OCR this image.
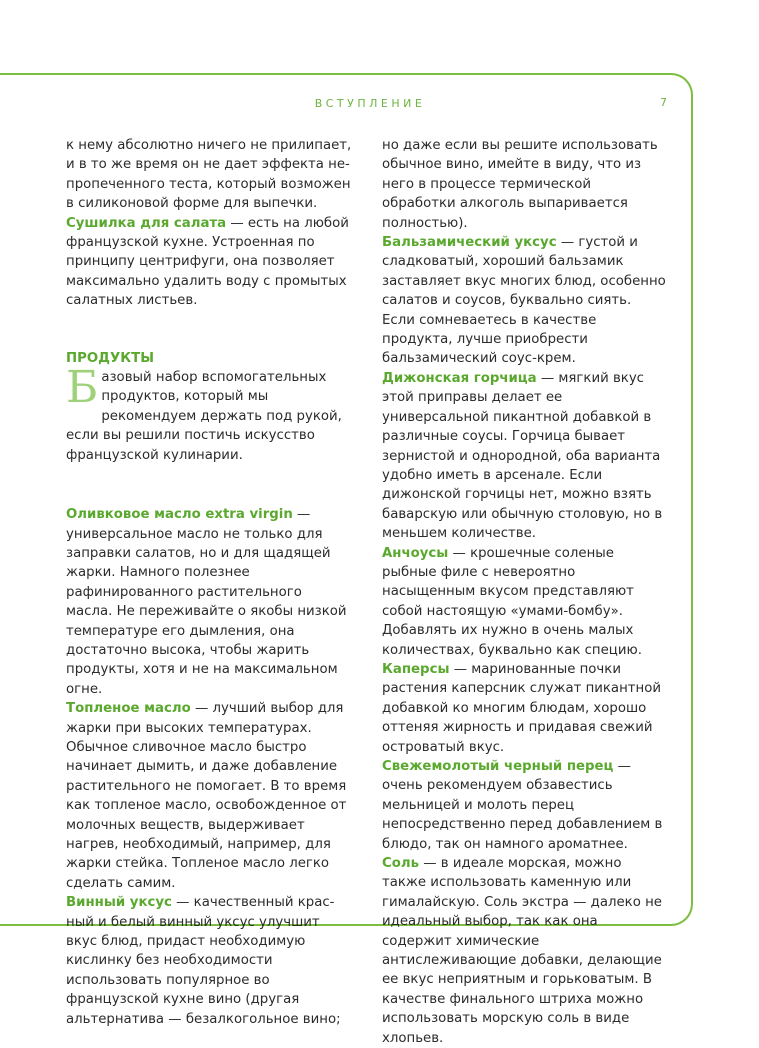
ВСТУПЛЕНИЕ	7

к нему абсолютно ничего не прилипает, и в то же время он не дает эффекта непропеченного теста, который возможен в силиконовой форме для выпечки.

Сушилка для салата — есть на любой французской кухне. Устроенная по принципу центрифуги, она позволяет максимально удалить воду с промытых салатных листьев.

ПРОДУКТЫ

Базовый набор вспомогательных продуктов, который мы рекомендуем держать под рукой, если вы решили постичь искусство французской кулинарии.

Оливковое масло extra virgin — универсальное масло не только для заправки салатов, но и для щадящей жарки. Намного полезнее рафинированного растительного масла. Не переживайте о якобы низкой температуре его дымления, она достаточно высока, чтобы жарить продукты, хотя и не на максимальном огне.

Топленое масло — лучший выбор для жарки при высоких температурах. Обычное сливочное масло быстро начинает дымить, и даже добавление растительного не помогает. В то время как топленое масло, освобожденное от молочных веществ, выдерживает нагрев, необходимый, например, для жарки стейка. Топленое масло легко сделать самим.

Винный уксус — качественный красный и белый винный уксус улучшит вкус блюд, придаст необходимую кислинку без необходимости использовать популярное во французской кухне вино (другая альтернатива — безалкогольное вино;

но даже если вы решите использовать обычное вино, имейте в виду, что из него в процессе термической обработки алкоголь выпаривается полностью).

Бальзамический уксус — густой и сладковатый, хороший бальзамик заставляет вкус многих блюд, особенно салатов и соусов, буквально сиять. Если сомневаетесь в качестве продукта, лучше приобрести бальзамический соус-крем.

Дижонская горчица — мягкий вкус этой приправы делает ее универсальной пикантной добавкой в различные соусы. Горчица бывает зернистой и однородной, оба варианта удобно иметь в арсенале. Если дижонской горчицы нет, можно взять баварскую или обычную столовую, но в меньшем количестве.

Анчоусы — крошечные соленые рыбные филе с невероятно насыщенным вкусом представляют собой настоящую «умами-бомбу». Добавлять их нужно в очень малых количествах, буквально как специю.

Каперсы — маринованные почки растения каперсник служат пикантной добавкой ко многим блюдам, хорошо оттеняя жирность и придавая свежий островатый вкус.

Свежемолотый черный перец — очень рекомендуем обзавестись мельницей и молоть перец непосредственно перед добавлением в блюдо, так он намного ароматнее.

Соль — в идеале морская, можно также использовать каменную или гималайскую. Соль экстра — далеко не идеальный выбор, так как она содержит химические антислеживающие добавки, делающие ее вкус неприятным и горьковатым. В качестве финального штриха можно использовать морскую соль в виде хлопьев.
